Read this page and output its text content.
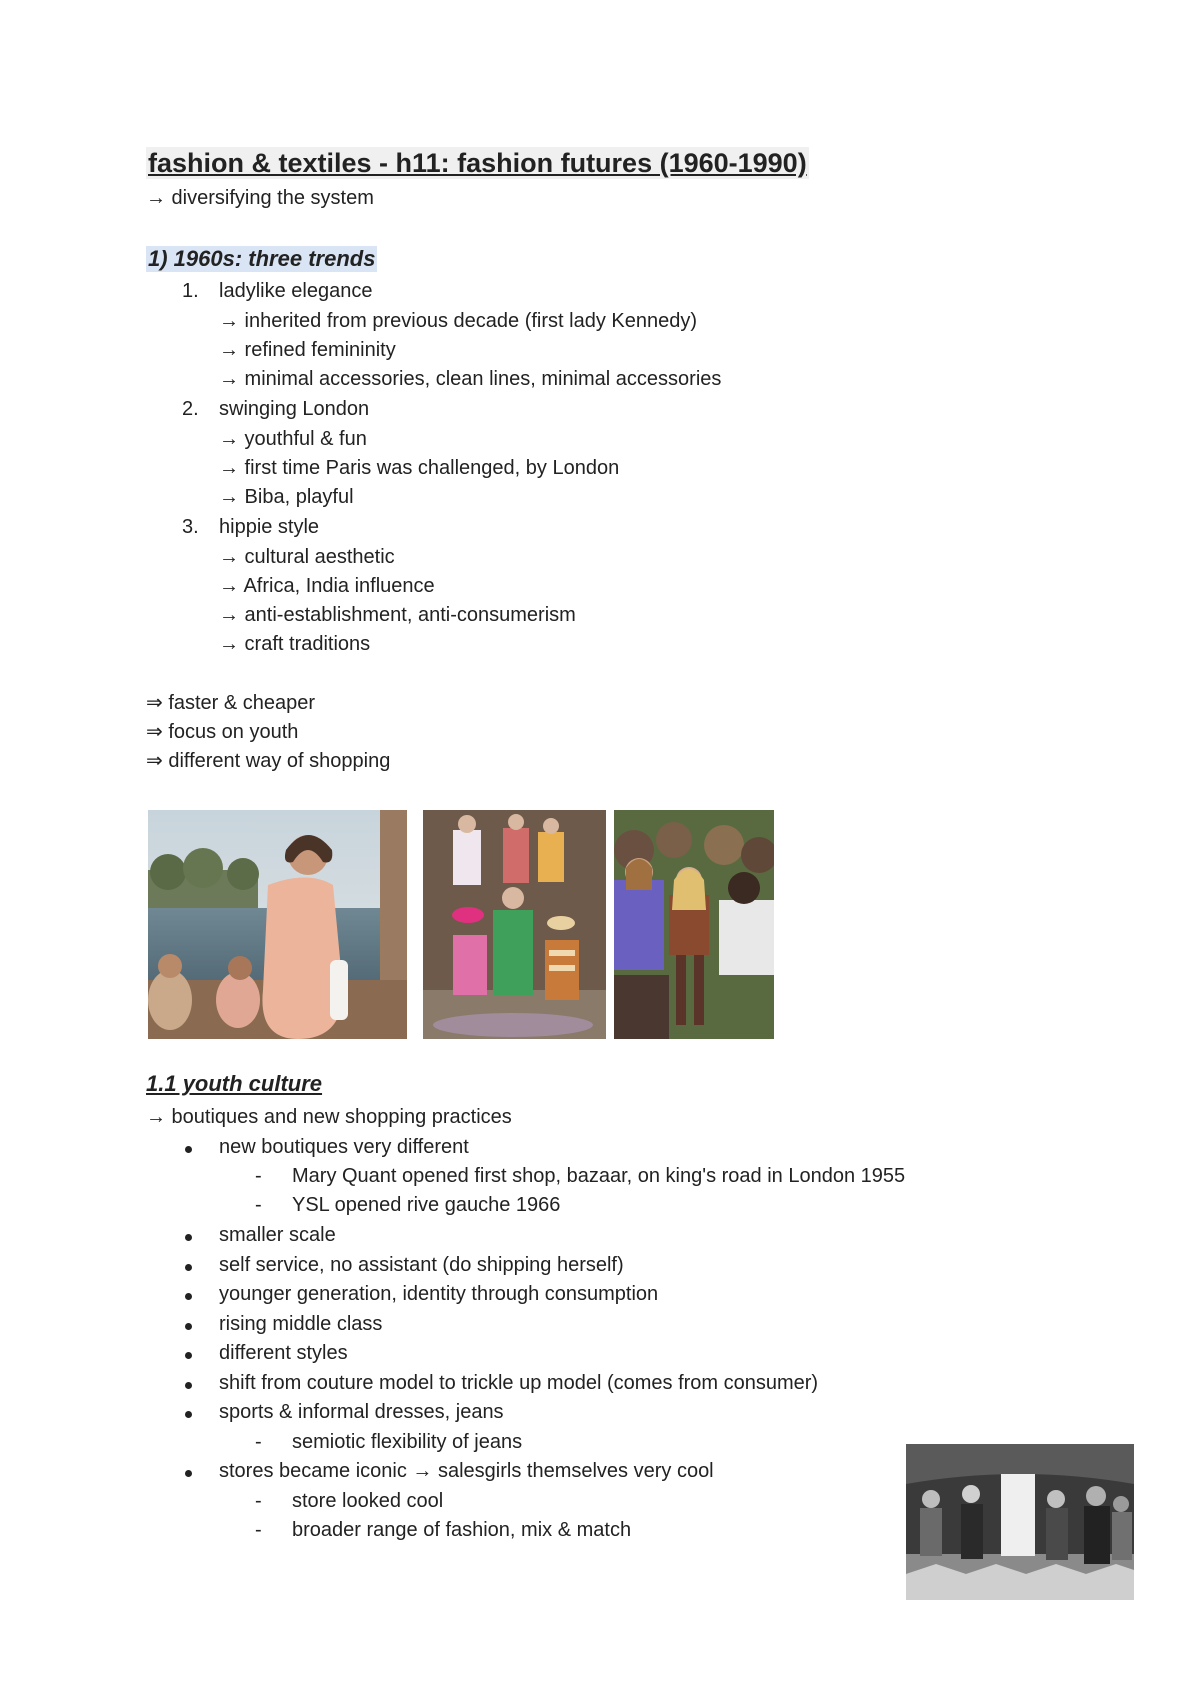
fashion & textiles - h11: fashion futures (1960-1990)
→ diversifying the system
1) 1960s: three trends
1. ladylike elegance
→ inherited from previous decade (first lady Kennedy)
→ refined femininity
→ minimal accessories, clean lines, minimal accessories
2. swinging London
→ youthful & fun
→ first time Paris was challenged, by London
→ Biba, playful
3. hippie style
→ cultural aesthetic
→ Africa, India influence
→ anti-establishment, anti-consumerism
→ craft traditions
⇒ faster & cheaper
⇒ focus on youth
⇒ different way of shopping
1.1 youth culture
→ boutiques and new shopping practices
new boutiques very different
- Mary Quant opened first shop, bazaar, on king's road in London 1955
- YSL opened rive gauche 1966
smaller scale
self service, no assistant (do shipping herself)
younger generation, identity through consumption
rising middle class
different styles
shift from couture model to trickle up model (comes from consumer)
sports & informal dresses, jeans
- semiotic flexibility of jeans
stores became iconic → salesgirls themselves very cool
- store looked cool
- broader range of fashion, mix & match
